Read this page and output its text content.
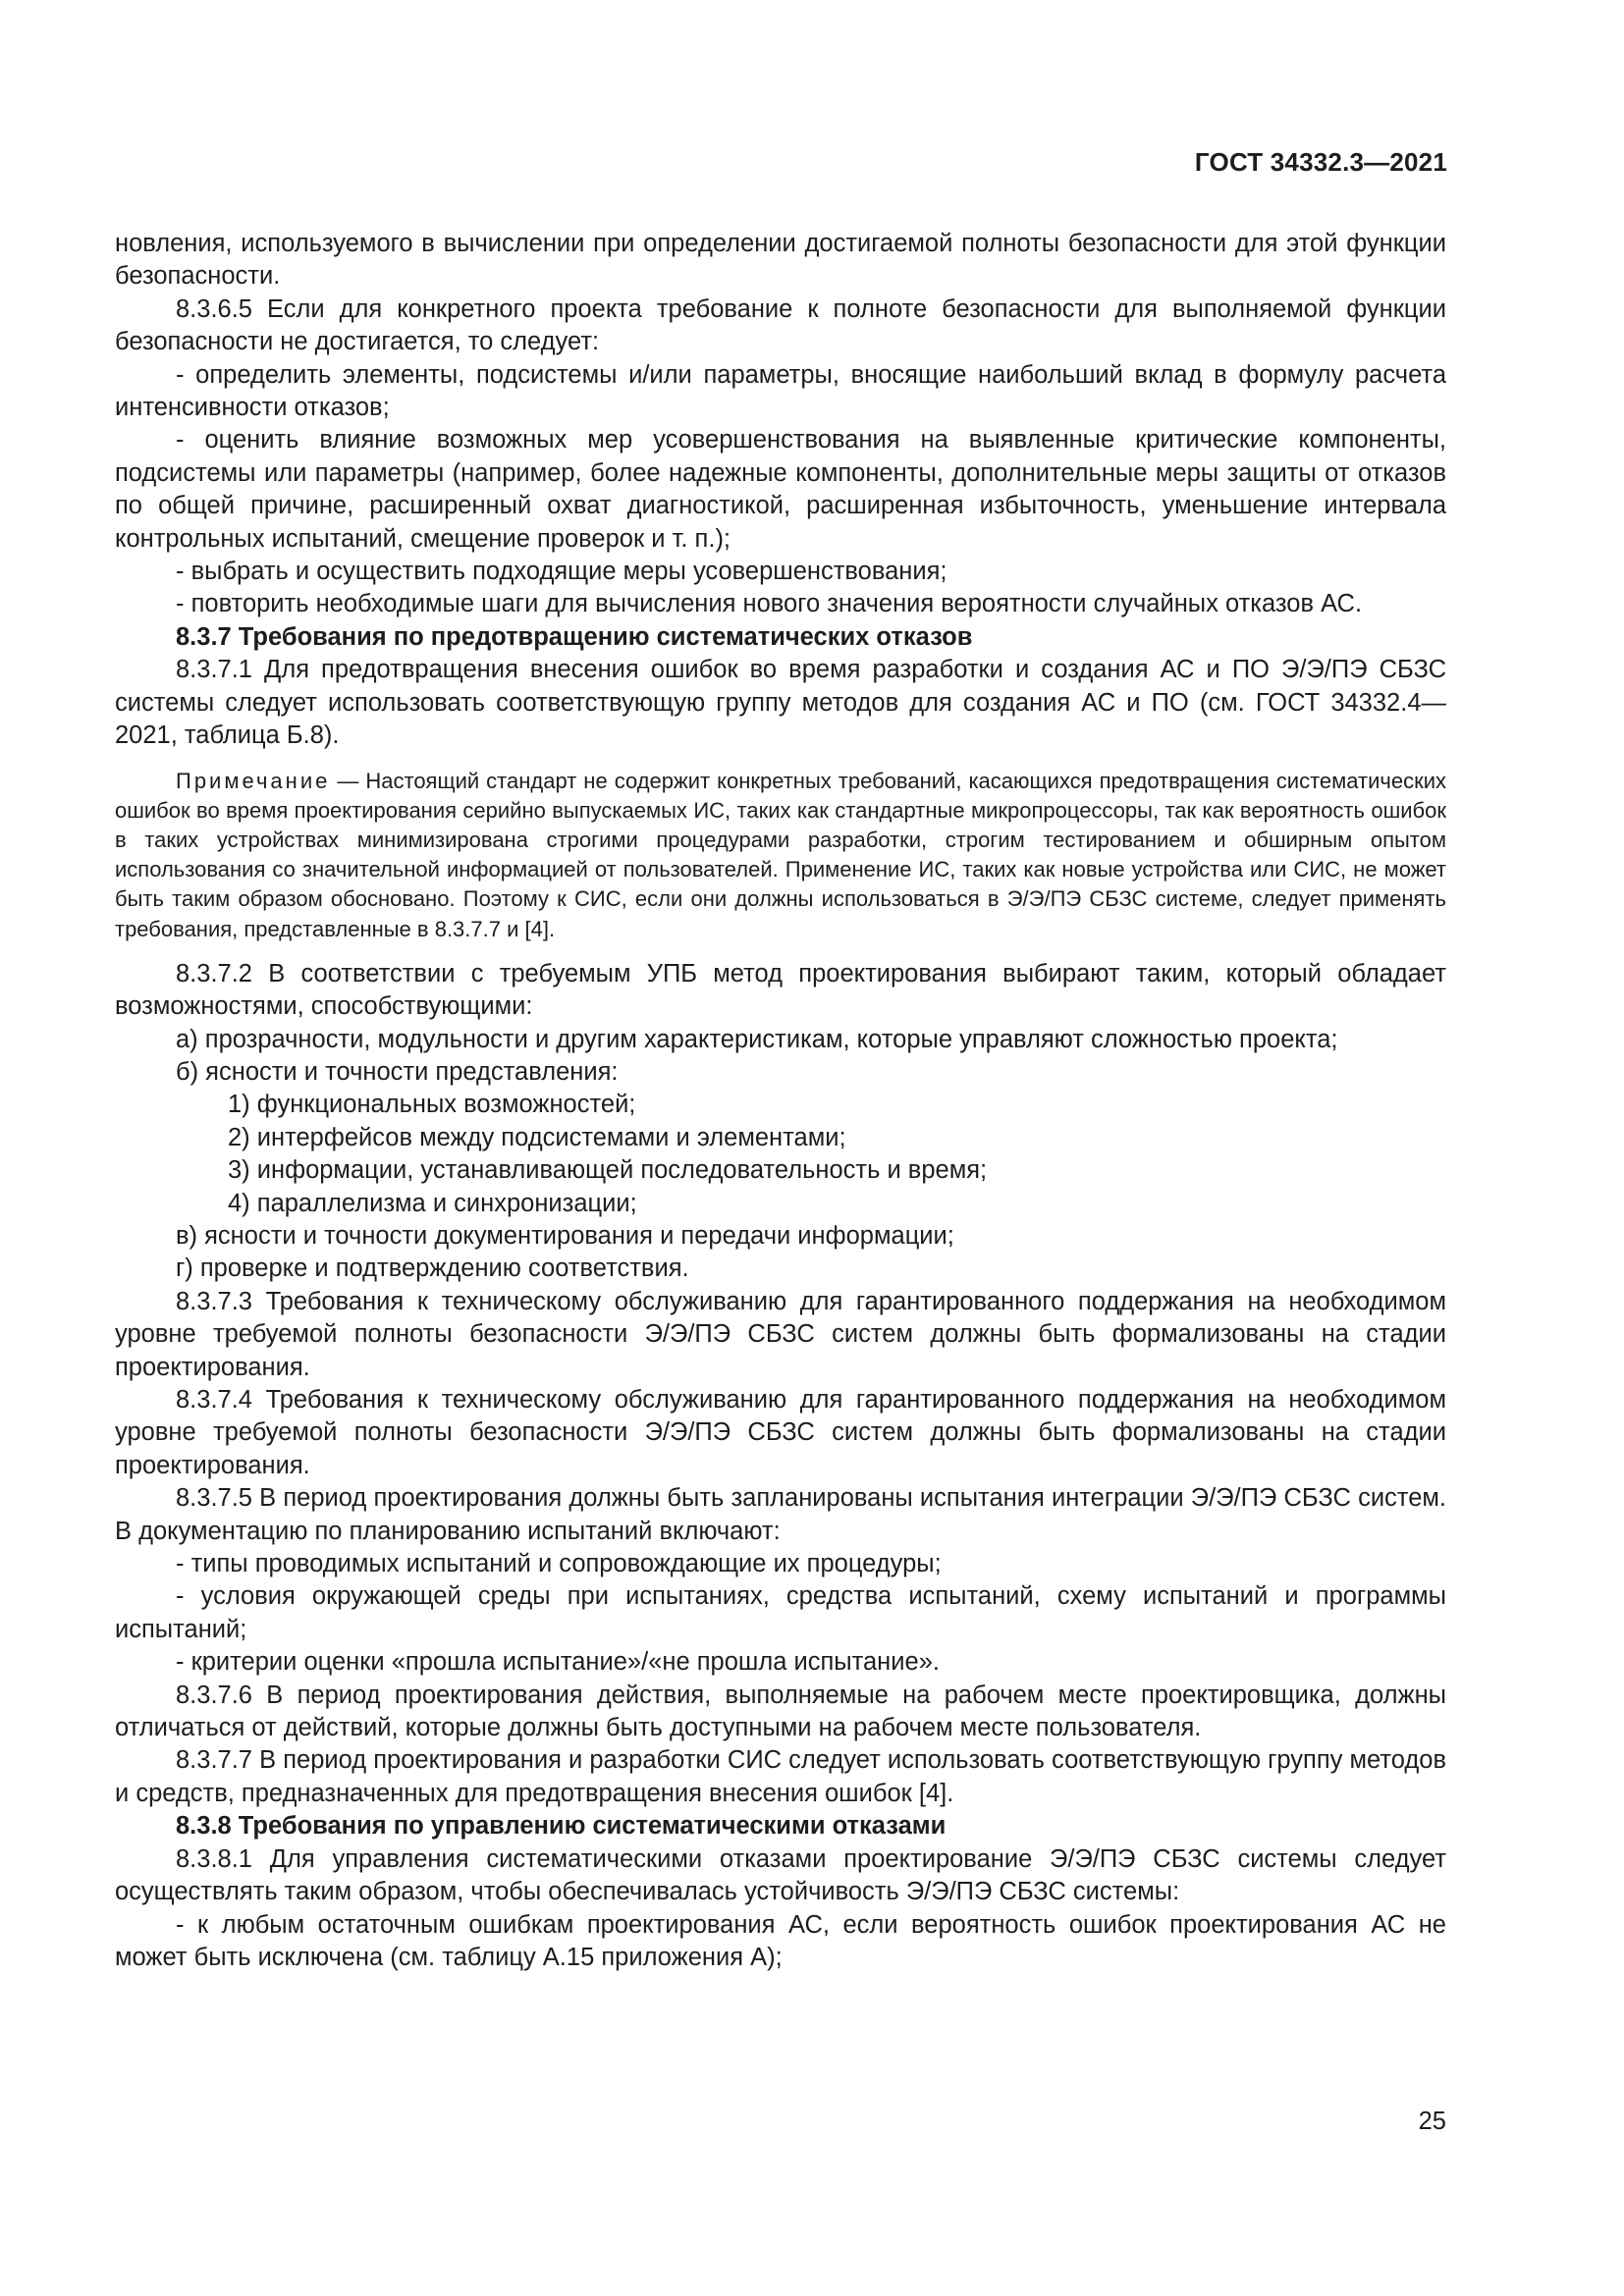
ГОСТ 34332.3—2021

новления, используемого в вычислении при определении достигаемой полноты безопасности для этой функции безопасности.

8.3.6.5 Если для конкретного проекта требование к полноте безопасности для выполняемой функции безопасности не достигается, то следует:

- определить элементы, подсистемы и/или параметры, вносящие наибольший вклад в формулу расчета интенсивности отказов;

- оценить влияние возможных мер усовершенствования на выявленные критические компоненты, подсистемы или параметры (например, более надежные компоненты, дополнительные меры защиты от отказов по общей причине, расширенный охват диагностикой, расширенная избыточность, уменьшение интервала контрольных испытаний, смещение проверок и т. п.);

- выбрать и осуществить подходящие меры усовершенствования;

- повторить необходимые шаги для вычисления нового значения вероятности случайных отказов АС.

8.3.7 Требования по предотвращению систематических отказов

8.3.7.1 Для предотвращения внесения ошибок во время разработки и создания АС и ПО Э/Э/ПЭ СБЗС системы следует использовать соответствующую группу методов для создания АС и ПО (см. ГОСТ 34332.4—2021, таблица Б.8).

Примечание — Настоящий стандарт не содержит конкретных требований, касающихся предотвращения систематических ошибок во время проектирования серийно выпускаемых ИС, таких как стандартные микропроцессоры, так как вероятность ошибок в таких устройствах минимизирована строгими процедурами разработки, строгим тестированием и обширным опытом использования со значительной информацией от пользователей. Применение ИС, таких как новые устройства или СИС, не может быть таким образом обосновано. Поэтому к СИС, если они должны использоваться в Э/Э/ПЭ СБЗС системе, следует применять требования, представленные в 8.3.7.7 и [4].

8.3.7.2 В соответствии с требуемым УПБ метод проектирования выбирают таким, который обладает возможностями, способствующими:

а) прозрачности, модульности и другим характеристикам, которые управляют сложностью проекта;

б) ясности и точности представления:

1) функциональных возможностей;

2) интерфейсов между подсистемами и элементами;

3) информации, устанавливающей последовательность и время;

4) параллелизма и синхронизации;

в) ясности и точности документирования и передачи информации;

г) проверке и подтверждению соответствия.

8.3.7.3 Требования к техническому обслуживанию для гарантированного поддержания на необходимом уровне требуемой полноты безопасности Э/Э/ПЭ СБЗС систем должны быть формализованы на стадии проектирования.

8.3.7.4 Требования к техническому обслуживанию для гарантированного поддержания на необходимом уровне требуемой полноты безопасности Э/Э/ПЭ СБЗС систем должны быть формализованы на стадии проектирования.

8.3.7.5 В период проектирования должны быть запланированы испытания интеграции Э/Э/ПЭ СБЗС систем. В документацию по планированию испытаний включают:

- типы проводимых испытаний и сопровождающие их процедуры;

- условия окружающей среды при испытаниях, средства испытаний, схему испытаний и программы испытаний;

- критерии оценки «прошла испытание»/«не прошла испытание».

8.3.7.6 В период проектирования действия, выполняемые на рабочем месте проектировщика, должны отличаться от действий, которые должны быть доступными на рабочем месте пользователя.

8.3.7.7 В период проектирования и разработки СИС следует использовать соответствующую группу методов и средств, предназначенных для предотвращения внесения ошибок [4].

8.3.8 Требования по управлению систематическими отказами

8.3.8.1 Для управления систематическими отказами проектирование Э/Э/ПЭ СБЗС системы следует осуществлять таким образом, чтобы обеспечивалась устойчивость Э/Э/ПЭ СБЗС системы:

- к любым остаточным ошибкам проектирования АС, если вероятность ошибок проектирования АС не может быть исключена (см. таблицу А.15 приложения А);

25
